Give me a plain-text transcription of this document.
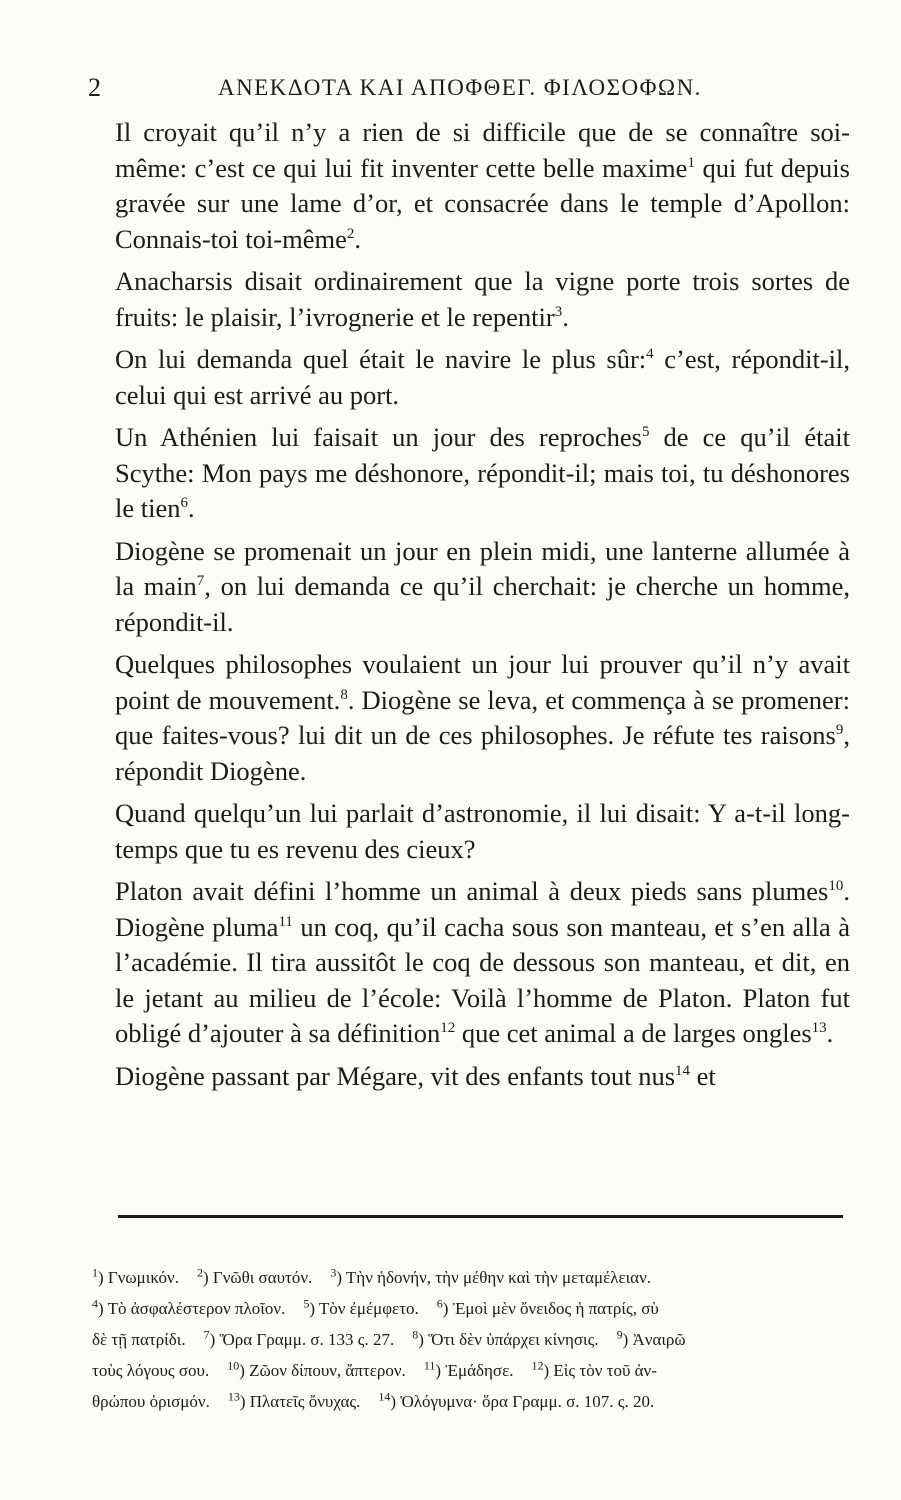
2	ΑΝΕΚΔΟΤΑ ΚΑΙ ΑΠΟΦΘΕΓ. ΦΙΛΟΣΟΦΩΝ.

Il croyait qu’il n’y a rien de si difficile que de se connaître soi-même: c’est ce qui lui fit inventer cette belle maxime$^1$ qui fut depuis gravée sur une lame d’or, et consacrée dans le temple d’Apollon: Connais-toi toi-même$^2$.

Anacharsis disait ordinairement que la vigne porte trois sortes de fruits: le plaisir, l’ivrognerie et le repentir$^3$.

On lui demanda quel était le navire le plus sûr:$^4$ c’est, répondit-il, celui qui est arrivé au port.

Un Athénien lui faisait un jour des reproches$^5$ de ce qu’il était Scythe: Mon pays me déshonore, répondit-il; mais toi, tu déshonores le tien$^6$.

Diogène se promenait un jour en plein midi, une lanterne allumée à la main$^7$, on lui demanda ce qu’il cherchait: je cherche un homme, répondit-il.

Quelques philosophes voulaient un jour lui prouver qu’il n’y avait point de mouvement.$^8$. Diogène se leva, et commença à se promener: que faites-vous? lui dit un de ces philosophes. Je réfute tes raisons$^9$, répondit Diogène.

Quand quelqu’un lui parlait d’astronomie, il lui disait: Y a-t-il long-temps que tu es revenu des cieux?

Platon avait défini l’homme un animal à deux pieds sans plumes$^{10}$. Diogène pluma$^{11}$ un coq, qu’il cacha sous son manteau, et s’en alla à l’académie. Il tira aussitôt le coq de dessous son manteau, et dit, en le jetant au milieu de l’école: Voilà l’homme de Platon. Platon fut obligé d’ajouter à sa définition$^{12}$ que cet animal a de larges ongles$^{13}$.

Diogène passant par Mégare, vit des enfants tout nus$^{14}$ et

$^1$) Γνωμικόν. $^2$) Γνῶθι σαυτόν. $^3$) Τὴν ἡδονήν, τὴν μέθην καὶ τὴν μεταμέλειαν.
$^4$) Τὸ ἀσφαλέστερον πλοῖον. $^5$) Τὸν ἐμέμφετο. $^6$) Ἐμοὶ μὲν ὄνειδος ἡ πατρίς, σὺ
δὲ τῇ πατρίδι. $^7$) Ὅρα Γραμμ. σ. 133 ς. 27. $^8$) Ὅτι δὲν ὑπάρχει κίνησις. $^9$) Ἀναιρῶ
τοὺς λόγους σου. $^{10}$) Ζῶον δίπουν, ἄπτερον. $^{11}$) Ἐμάδησε. $^{12}$) Εἰς τὸν τοῦ ἀν-
θρώπου ὁρισμόν. $^{13}$) Πλατεῖς ὄνυχας. $^{14}$) Ὁλόγυμνα· ὅρα Γραμμ. σ. 107. ς. 20.
